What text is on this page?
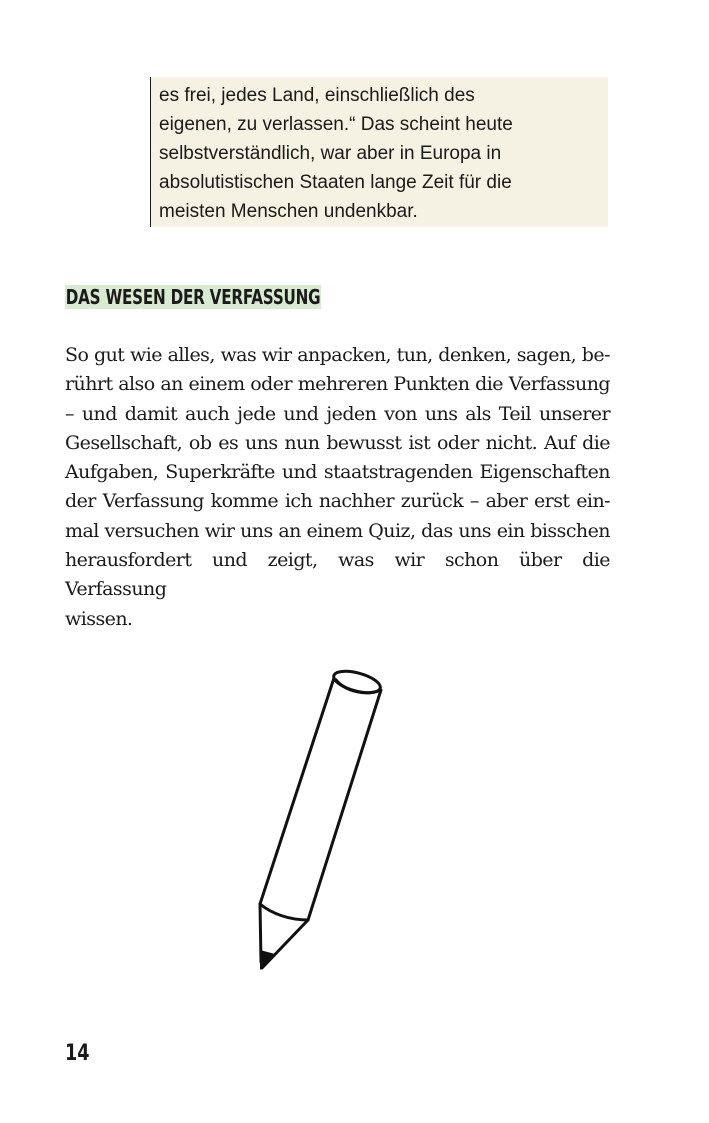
es frei, jedes Land, einschließlich des
eigenen, zu verlassen.“ Das scheint heute
selbstverständlich, war aber in Europa in
absolutistischen Staaten lange Zeit für die
meisten Menschen undenkbar.
DAS WESEN DER VERFASSUNG
So gut wie alles, was wir anpacken, tun, denken, sagen, be-
rührt also an einem oder mehreren Punkten die Verfassung
– und damit auch jede und jeden von uns als Teil unserer
Gesellschaft, ob es uns nun bewusst ist oder nicht. Auf die
Aufgaben, Superkräfte und staatstragenden Eigenschaften
der Verfassung komme ich nachher zurück – aber erst ein-
mal versuchen wir uns an einem Quiz, das uns ein bisschen
herausfordert und zeigt, was wir schon über die Verfassung
wissen.
14
